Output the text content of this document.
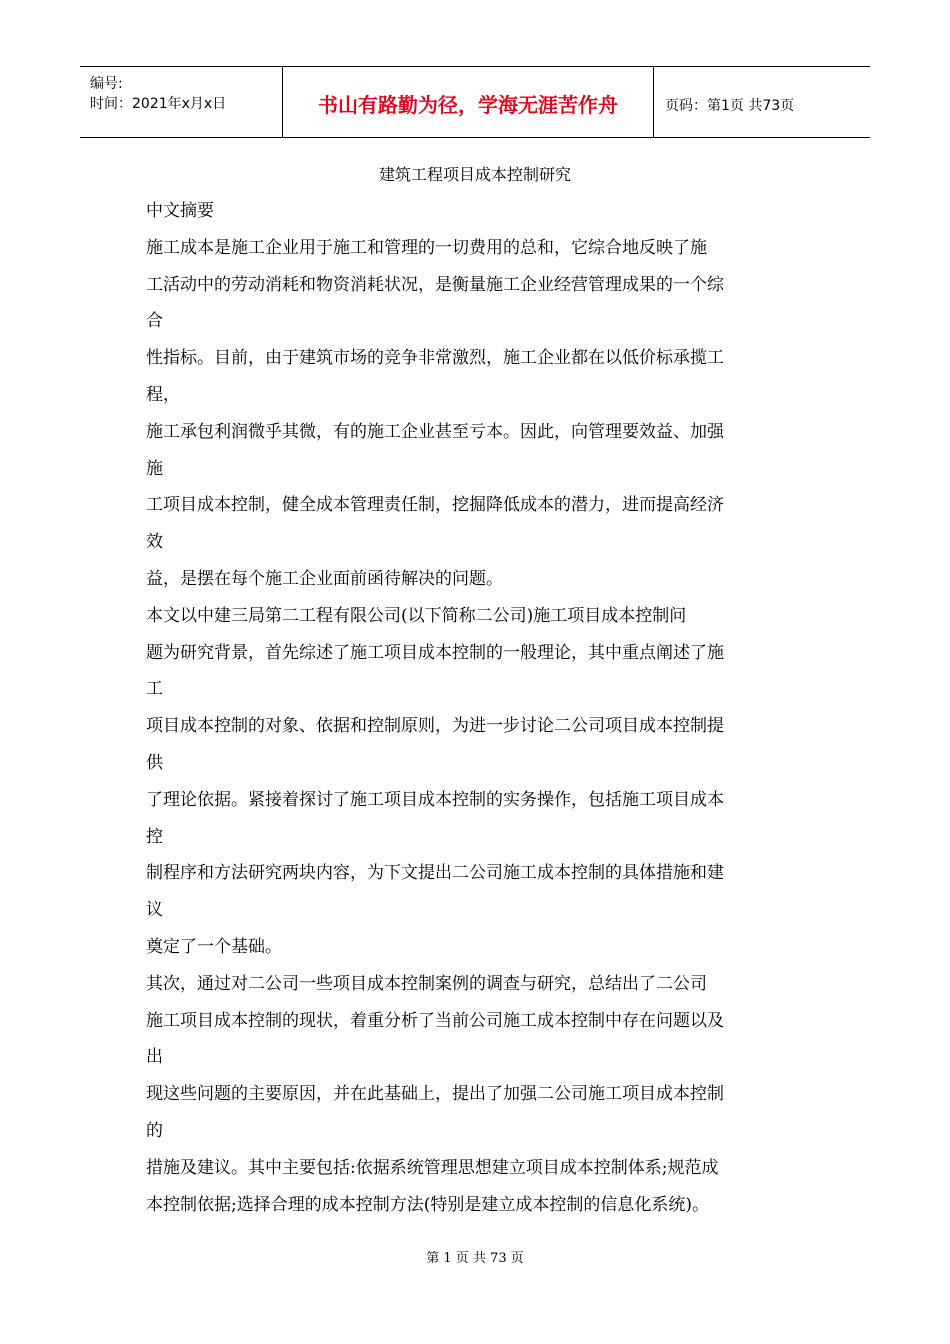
编号:
时间：2021年x月x日	书山有路勤为径，学海无涯苦作舟	页码：第1页 共73页
建筑工程项目成本控制研究

中文摘要

施工成本是施工企业用于施工和管理的一切费用的总和，它综合地反映了施

工活动中的劳动消耗和物资消耗状况，是衡量施工企业经营管理成果的一个综

合

性指标。目前，由于建筑市场的竞争非常激烈，施工企业都在以低价标承揽工

程，

施工承包利润微乎其微，有的施工企业甚至亏本。因此，向管理要效益、加强

施

工项目成本控制，健全成本管理责任制，挖掘降低成本的潜力，进而提高经济

效

益，是摆在每个施工企业面前函待解决的问题。

本文以中建三局第二工程有限公司(以下简称二公司)施工项目成本控制问

题为研究背景，首先综述了施工项目成本控制的一般理论，其中重点阐述了施

工

项目成本控制的对象、依据和控制原则，为进一步讨论二公司项目成本控制提

供

了理论依据。紧接着探讨了施工项目成本控制的实务操作，包括施工项目成本

控

制程序和方法研究两块内容，为下文提出二公司施工成本控制的具体措施和建

议

奠定了一个基础。

其次，通过对二公司一些项目成本控制案例的调查与研究，总结出了二公司

施工项目成本控制的现状，着重分析了当前公司施工成本控制中存在问题以及

出

现这些问题的主要原因，并在此基础上，提出了加强二公司施工项目成本控制

的

措施及建议。其中主要包括:依据系统管理思想建立项目成本控制体系;规范成

本控制依据;选择合理的成本控制方法(特别是建立成本控制的信息化系统)。

第 1 页 共 73 页
